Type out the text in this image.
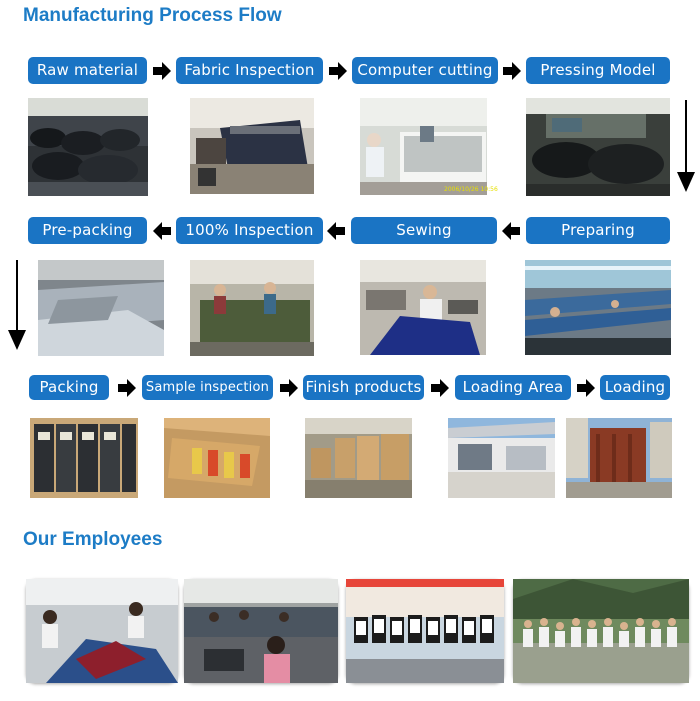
Manufacturing Process Flow
Our Employees
Raw material	Fabric Inspection	Computer cutting	Pressing Model
2006/10/26 10:56
Pre-packing	100% Inspection	Sewing	Preparing
Packing	Sample inspection Finish products	Loading Area	Loading
